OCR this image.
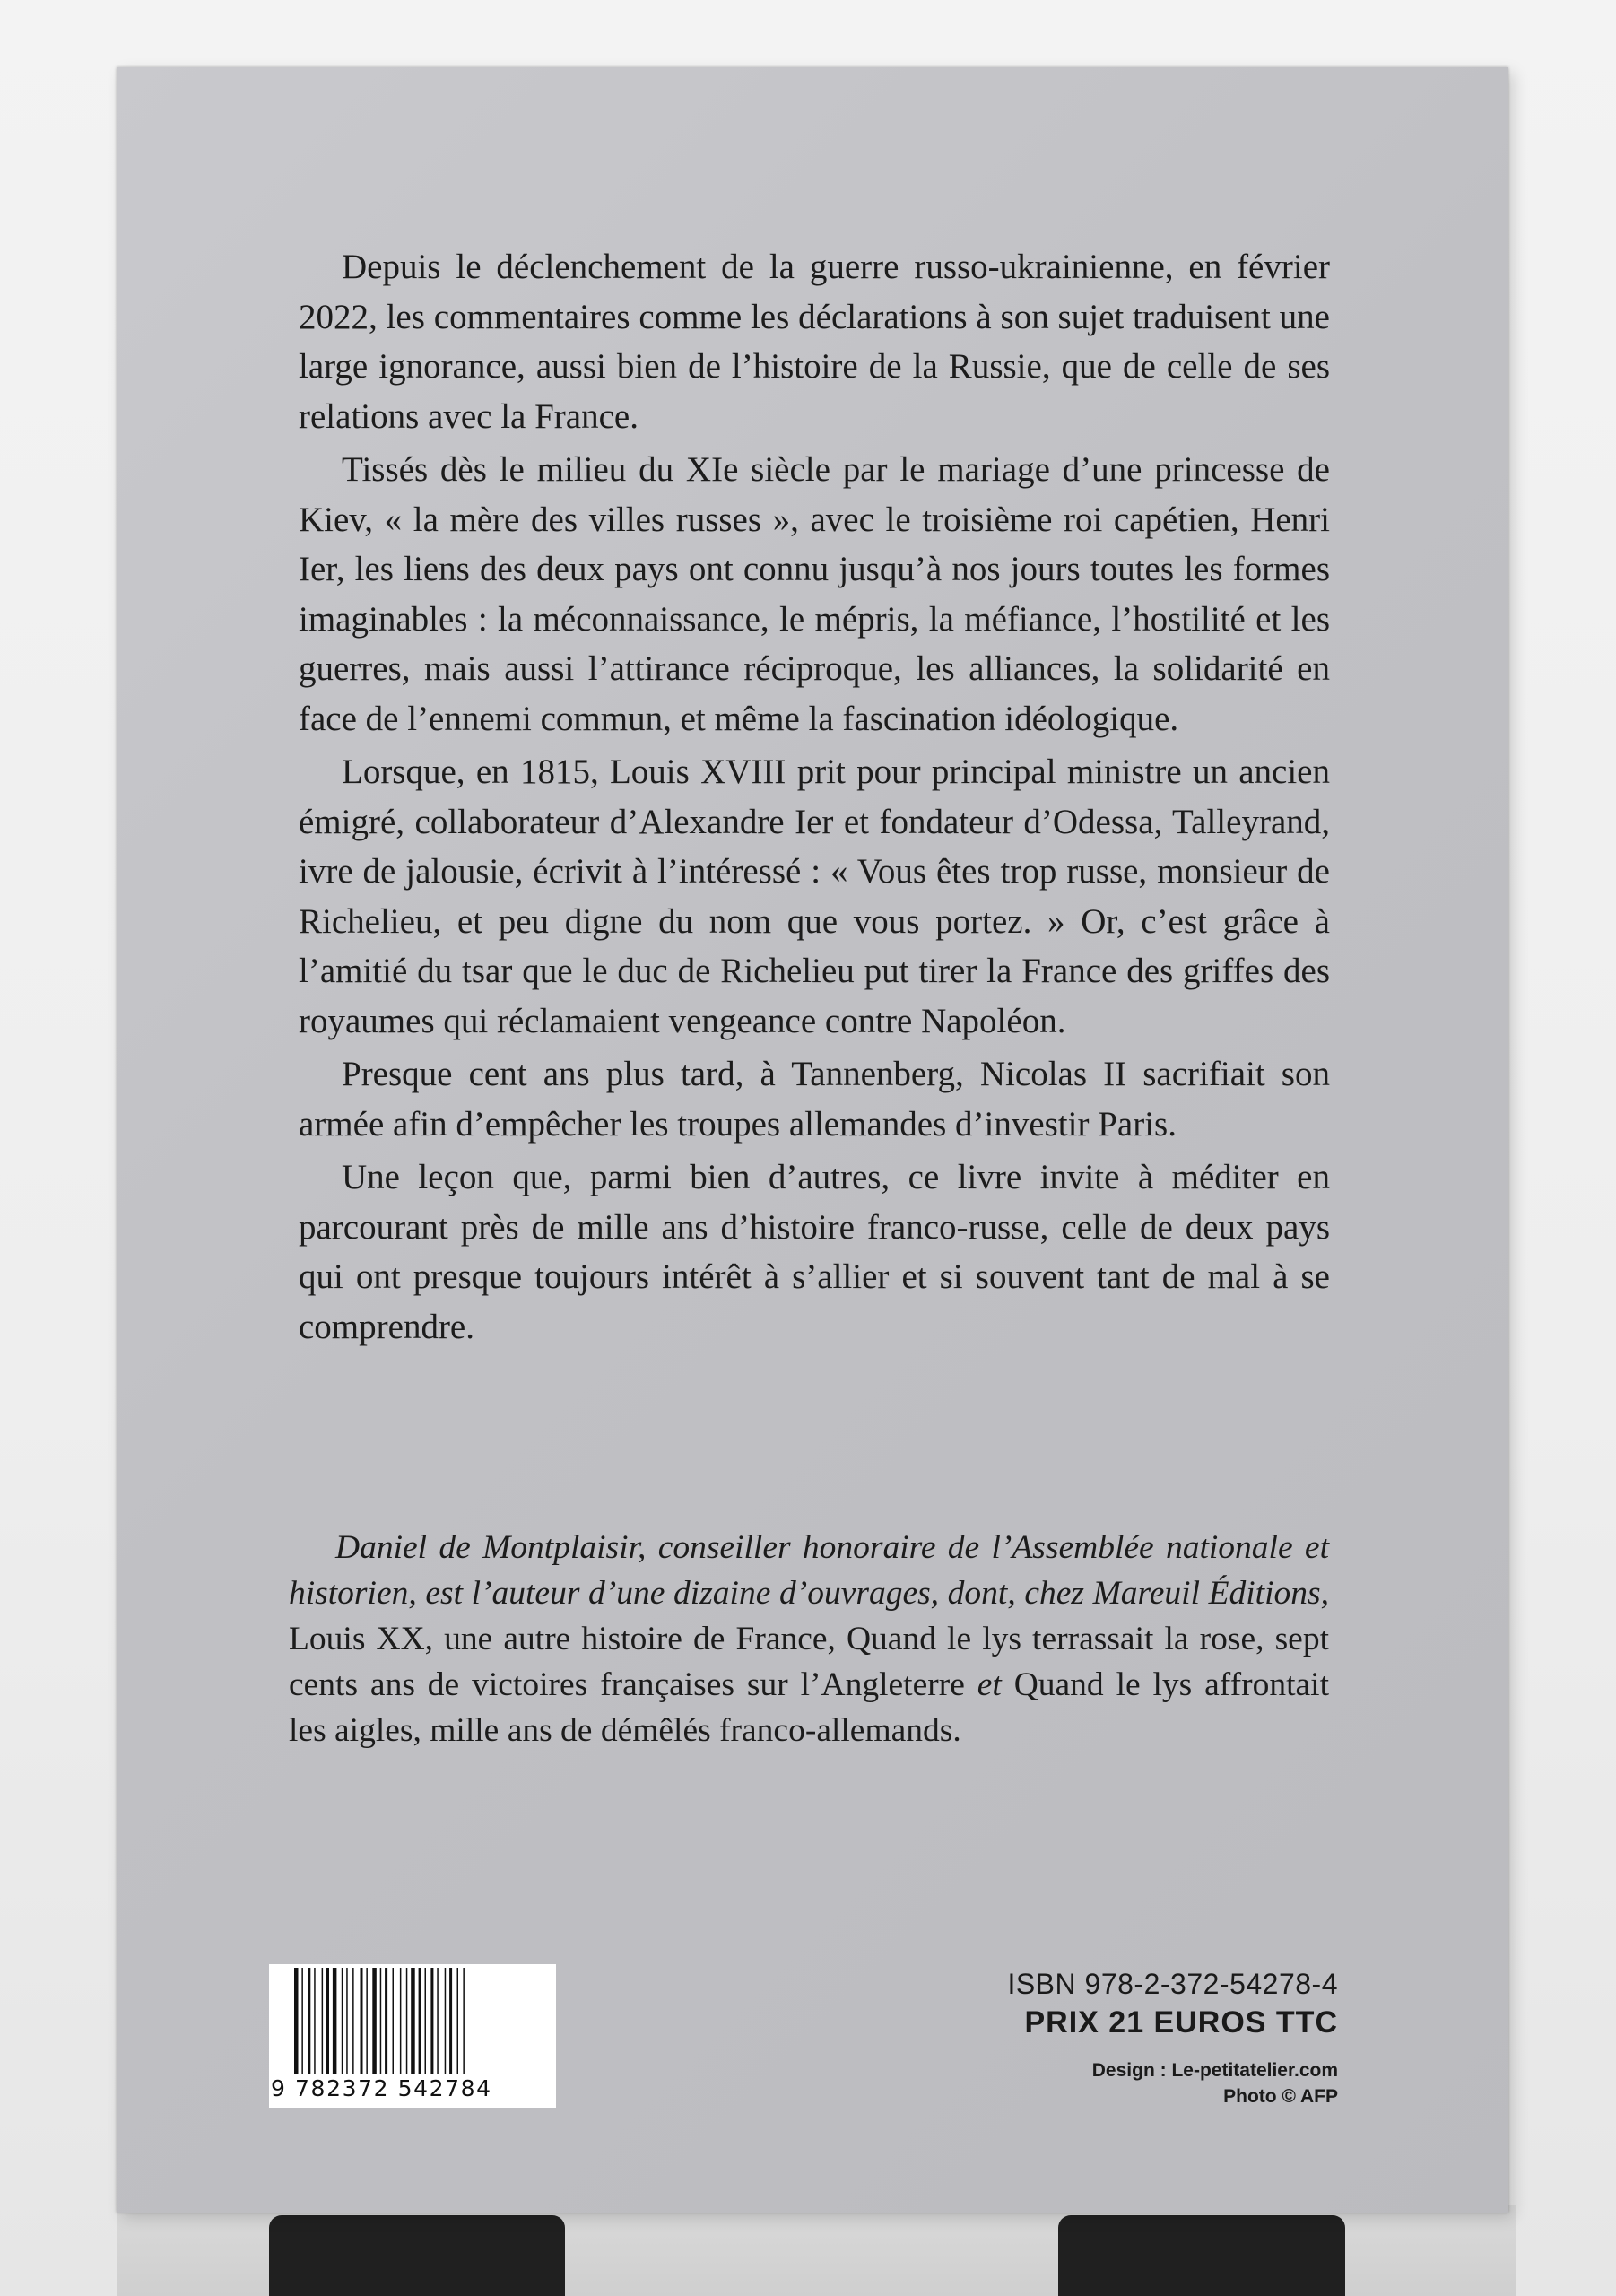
Depuis le déclenchement de la guerre russo-ukrainienne, en février 2022, les commentaires comme les déclarations à son sujet traduisent une large ignorance, aussi bien de l’histoire de la Russie, que de celle de ses relations avec la France.

Tissés dès le milieu du XIe siècle par le mariage d’une princesse de Kiev, « la mère des villes russes », avec le troisième roi capétien, Henri Ier, les liens des deux pays ont connu jusqu’à nos jours toutes les formes imaginables : la méconnaissance, le mépris, la méfiance, l’hostilité et les guerres, mais aussi l’attirance réciproque, les alliances, la solidarité en face de l’ennemi commun, et même la fascination idéologique.

Lorsque, en 1815, Louis XVIII prit pour principal ministre un ancien émigré, collaborateur d’Alexandre Ier et fondateur d’Odessa, Talleyrand, ivre de jalousie, écrivit à l’intéressé : « Vous êtes trop russe, monsieur de Richelieu, et peu digne du nom que vous portez. » Or, c’est grâce à l’amitié du tsar que le duc de Richelieu put tirer la France des griffes des royaumes qui réclamaient vengeance contre Napoléon.

Presque cent ans plus tard, à Tannenberg, Nicolas II sacrifiait son armée afin d’empêcher les troupes allemandes d’investir Paris.

Une leçon que, parmi bien d’autres, ce livre invite à méditer en parcourant près de mille ans d’histoire franco-russe, celle de deux pays qui ont presque toujours intérêt à s’allier et si souvent tant de mal à se comprendre.

Daniel de Montplaisir, conseiller honoraire de l’Assemblée nationale et historien, est l’auteur d’une dizaine d’ouvrages, dont, chez Mareuil Éditions, Louis XX, une autre histoire de France, Quand le lys terrassait la rose, sept cents ans de victoires françaises sur l’Angleterre et Quand le lys affrontait les aigles, mille ans de démêlés franco-allemands.

9 782372 542784
ISBN 978-2-372-54278-4
PRIX 21 EUROS TTC
Design : Le-petitatelier.com
Photo © AFP
